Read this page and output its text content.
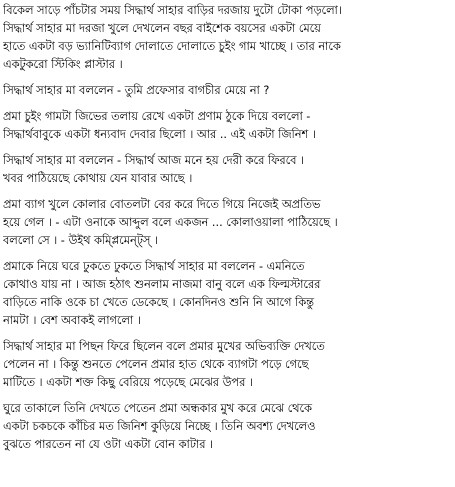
বিকেল সাড়ে পাঁচটার সময় সিদ্ধার্থ সাহার বাড়ির দরজায় দুটো টোকা পড়লো।
সিদ্ধার্থ সাহার মা দরজা খুলে দেখলেন বছর বাইশেক বয়সের একটা মেয়ে
হাতে একটা বড় ভ্যানিটিব্যাগ দোলাতে দোলাতে চুইং গাম খাচ্ছে । তার নাকে
একটুকরো স্টিকিং প্লাস্টার ।
সিদ্ধার্থ সাহার মা বললেন - তুমি প্রফেসার বাগচীর মেয়ে না ?
প্রমা চুইং গামটা জিভের তলায় রেখে একটা প্রণাম ঠুকে দিয়ে বললো -
সিদ্ধার্থবাবুকে একটা ধন্যবাদ দেবার ছিলো । আর .. এই একটা জিনিশ ।
সিদ্ধার্থ সাহার মা বললেন - সিদ্ধার্থ আজ মনে হয় দেরী করে ফিরবে ।
খবর পাঠিয়েছে কোথায় যেন যাবার আছে ।
প্রমা ব্যাগ খুলে কোলার বোতলটা বের করে দিতে গিয়ে নিজেই অপ্রতিভ
হয়ে গেল । - এটা ওনাকে আব্দুল বলে একজন ... কোলাওয়ালা পাঠিয়েছে ।
বললো সে । - উইথ কম্প্লিমেন্ট্স্ ।
প্রমাকে নিয়ে ঘরে ঢুকতে ঢুকতে সিদ্ধার্থ সাহার মা বললেন - এমনিতে
কোথাও যায় না । আজ হঠাৎ শুনলাম নাজমা বানু বলে এক ফিল্মস্টারের
বাড়িতে নাকি ওকে চা খেতে ডেকেছে । কোনদিনও শুনি নি আগে কিন্তু
নামটা । বেশ অবাকই লাগলো ।
সিদ্ধার্থ সাহার মা পিছন ফিরে ছিলেন বলে প্রমার মুখের অভিব্যক্তি দেখতে
পেলেন না । কিন্তু শুনতে পেলেন প্রমার হাত থেকে ব্যাগটা পড়ে গেছে
মাটিতে । একটা শক্ত কিছু বেরিয়ে পড়েছে মেঝের উপর ।
ঘুরে তাকালে তিনি দেখতে পেতেন প্রমা অন্ধকার মুখ করে মেঝে থেকে
একটা চকচকে কাঁচির মত জিনিশ কুড়িয়ে নিচ্ছে । তিনি অবশ্য দেখলেও
বুঝতে পারতেন না যে ওটা একটা বোন কাটার ।
